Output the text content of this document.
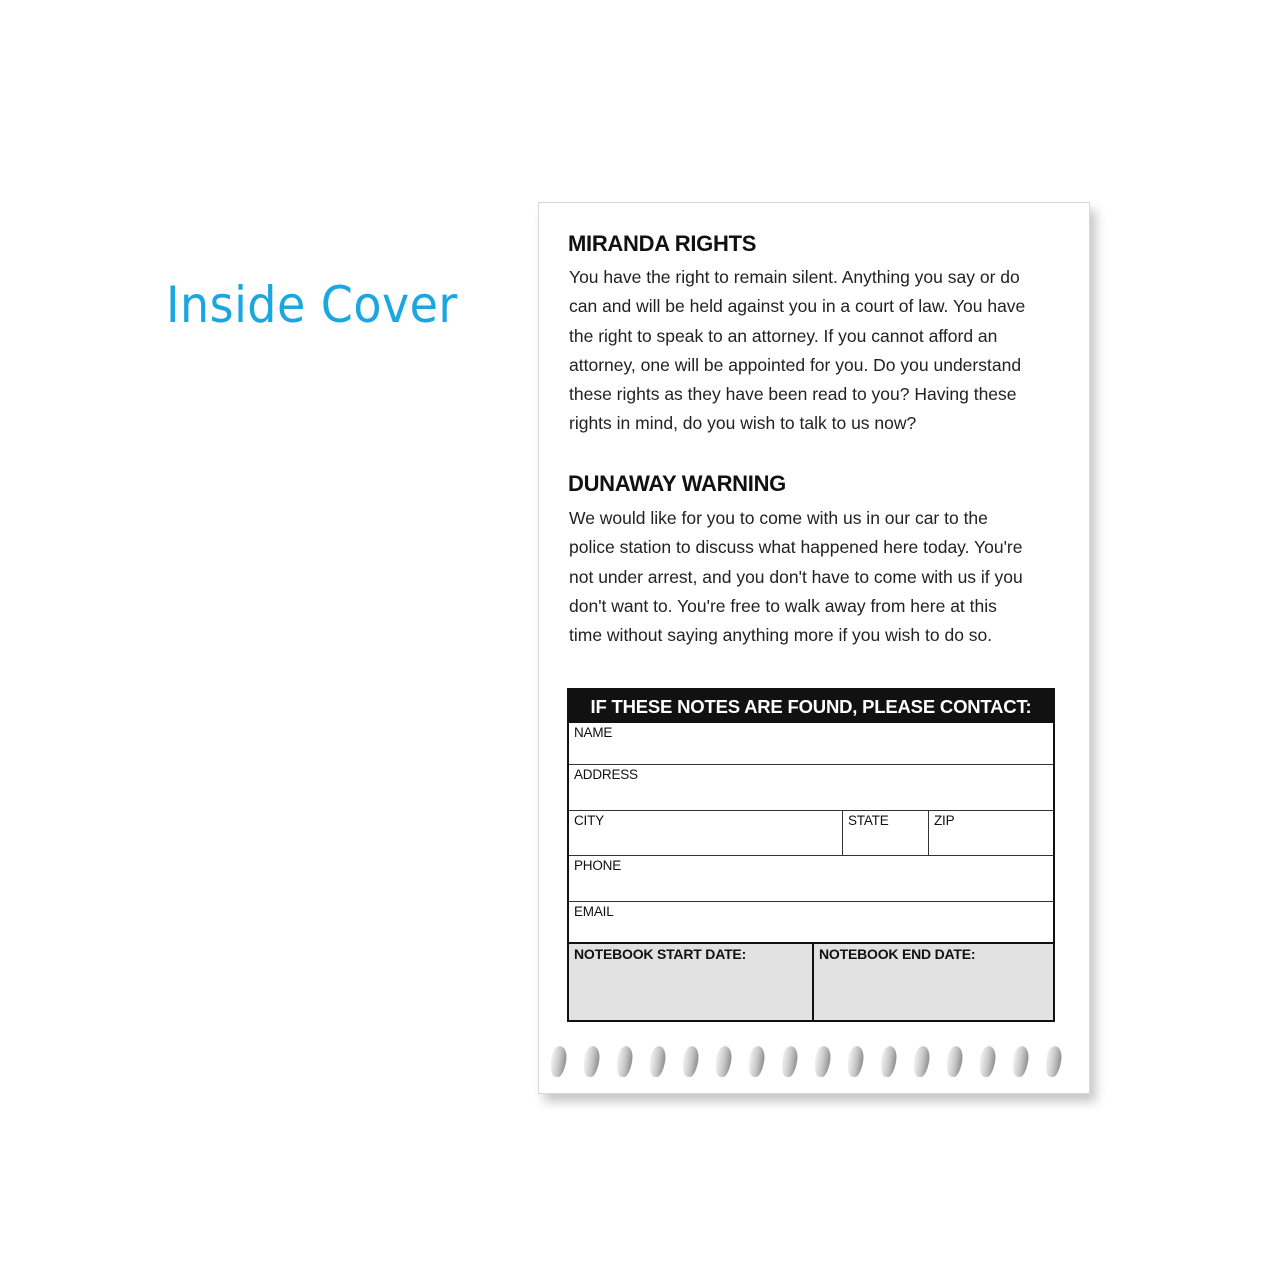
Inside Cover
MIRANDA RIGHTS
You have the right to remain silent. Anything you say or do
can and will be held against you in a court of law. You have
the right to speak to an attorney. If you cannot afford an
attorney, one will be appointed for you. Do you understand
these rights as they have been read to you? Having these
rights in mind, do you wish to talk to us now?
DUNAWAY WARNING
We would like for you to come with us in our car to the
police station to discuss what happened here today. You're
not under arrest, and you don't have to come with us if you
don't want to. You're free to walk away from here at this
time without saying anything more if you wish to do so.
IF THESE NOTES ARE FOUND, PLEASE CONTACT:
NAME
ADDRESS
CITY	STATE	ZIP
PHONE
EMAIL
NOTEBOOK START DATE:	NOTEBOOK END DATE:
